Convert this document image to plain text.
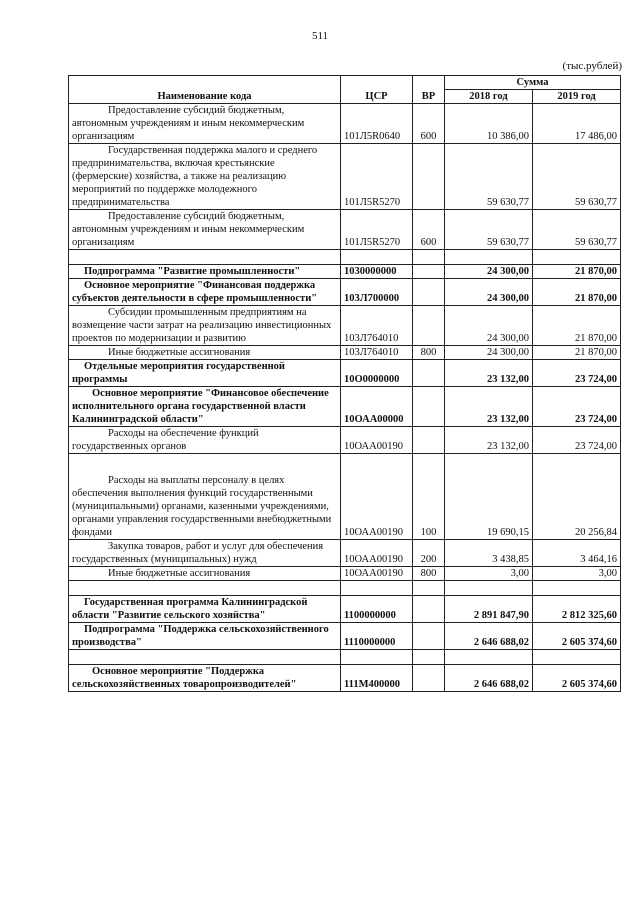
511
(тыс.рублей)
Наименование кода	ЦСР	ВР	Сумма	
			2018 год	2019 год

Предоставление субсидий бюджетным, автономным учреждениям и иным некоммерческим организациям	101Л5R0640	600	10 386,00	17 486,00

Государственная поддержка малого и среднего предпринимательства, включая крестьянские (фермерские) хозяйства, а также на реализацию мероприятий по поддержке молодежного предпринимательства	101Л5R5270		59 630,77	59 630,77

Предоставление субсидий бюджетным, автономным учреждениям и иным некоммерческим организациям	101Л5R5270	600	59 630,77	59 630,77

Подпрограмма "Развитие промышленности"	1030000000		24 300,00	21 870,00

Основное мероприятие "Финансовая поддержка субъектов деятельности в сфере промышленности"	103Л700000		24 300,00	21 870,00

Субсидии промышленным предприятиям на возмещение части затрат на реализацию инвестиционных проектов по модернизации и развитию	103Л764010		24 300,00	21 870,00

Иные бюджетные ассигнования	103Л764010	800	24 300,00	21 870,00

Отдельные мероприятия государственной программы	10О0000000		23 132,00	23 724,00

Основное мероприятие "Финансовое обеспечение исполнительного органа государственной власти Калининградской области"	10ОАА00000		23 132,00	23 724,00

Расходы на обеспечение функций государственных органов	10ОАА00190		23 132,00	23 724,00

Расходы на выплаты персоналу в целях обеспечения выполнения функций государственными (муниципальными) органами, казенными учреждениями, органами управления государственными внебюджетными фондами	10ОАА00190	100	19 690,15	20 256,84

Закупка товаров, работ и услуг для обеспечения государственных (муниципальных) нужд	10ОАА00190	200	3 438,85	3 464,16

Иные бюджетные ассигнования	10ОАА00190	800	3,00	3,00

Государственная программа Калининградской области "Развитие сельского хозяйства"	1100000000		2 891 847,90	2 812 325,60

Подпрограмма "Поддержка сельскохозяйственного производства"	1110000000		2 646 688,02	2 605 374,60

Основное мероприятие "Поддержка сельскохозяйственных товаропроизводителей"	111М400000		2 646 688,02	2 605 374,60
